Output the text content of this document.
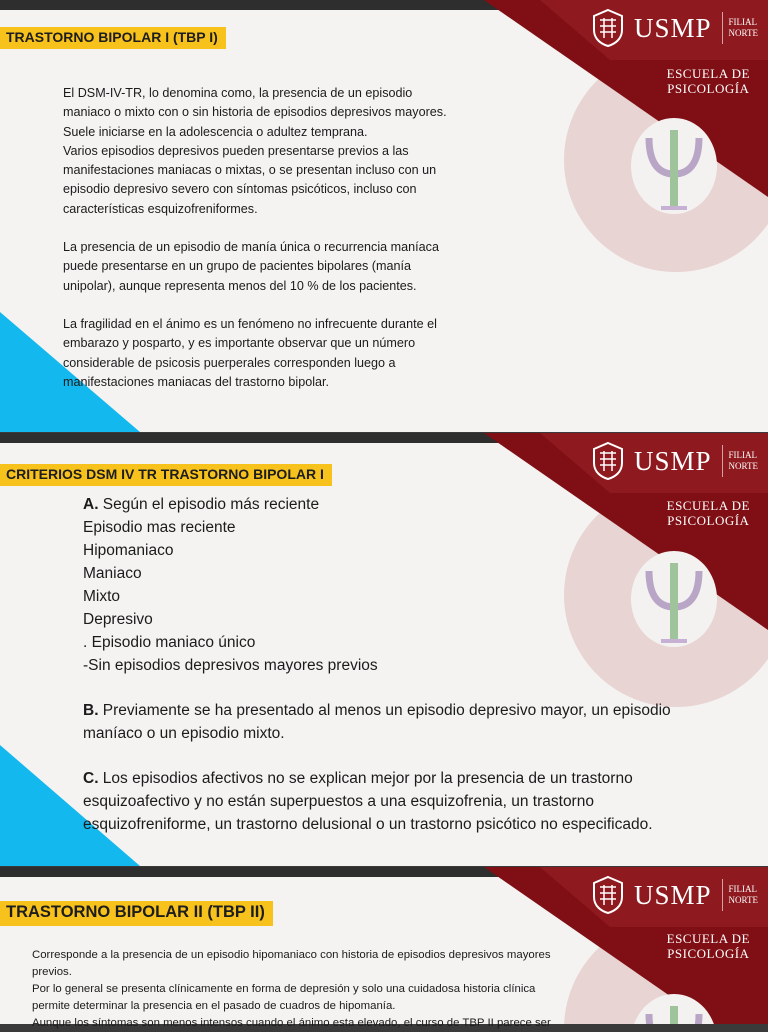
USMP FILIAL
NORTE
ESCUELA DE
PSICOLOGÍA
TRASTORNO BIPOLAR I (TBP I)

El DSM-IV-TR, lo denomina como, la presencia de un episodio

maniaco o mixto con o sin historia de episodios depresivos mayores.

Suele iniciarse en la adolescencia o adultez temprana.

Varios episodios depresivos pueden presentarse previos a las

manifestaciones maniacas o mixtas, o se presentan incluso con un

episodio depresivo severo con síntomas psicóticos, incluso con

características esquizofreniformes.

La presencia de un episodio de manía única o recurrencia maníaca

puede presentarse en un grupo de pacientes bipolares (manía

unipolar), aunque representa menos del 10 % de los pacientes.

La fragilidad en el ánimo es un fenómeno no infrecuente durante el

embarazo y posparto, y es importante observar que un número

considerable de psicosis puerperales corresponden luego a

manifestaciones maniacas del trastorno bipolar.

USMP FILIAL
NORTE
ESCUELA DE
PSICOLOGÍA
CRITERIOS DSM IV TR TRASTORNO BIPOLAR I

A. Según el episodio más reciente

Episodio mas reciente

Hipomaniaco

Maniaco

Mixto

Depresivo

. Episodio maniaco único

-Sin episodios depresivos mayores previos

B. Previamente se ha presentado al menos un episodio depresivo mayor, un episodio

maníaco o un episodio mixto.

C. Los episodios afectivos no se explican mejor por la presencia de un trastorno

esquizoafectivo y no están superpuestos a una esquizofrenia, un trastorno

esquizofreniforme, un trastorno delusional o un trastorno psicótico no especificado.

USMP FILIAL
NORTE
ESCUELA DE
PSICOLOGÍA
TRASTORNO BIPOLAR II (TBP II)

Corresponde a la presencia de un episodio hipomaniaco con historia de episodios depresivos mayores

previos.

Por lo general se presenta clínicamente en forma de depresión y solo una cuidadosa historia clínica

permite determinar la presencia en el pasado de cuadros de hipomanía.

Aunque los síntomas son menos intensos cuando el ánimo esta elevado, el curso de TBP II parece ser
